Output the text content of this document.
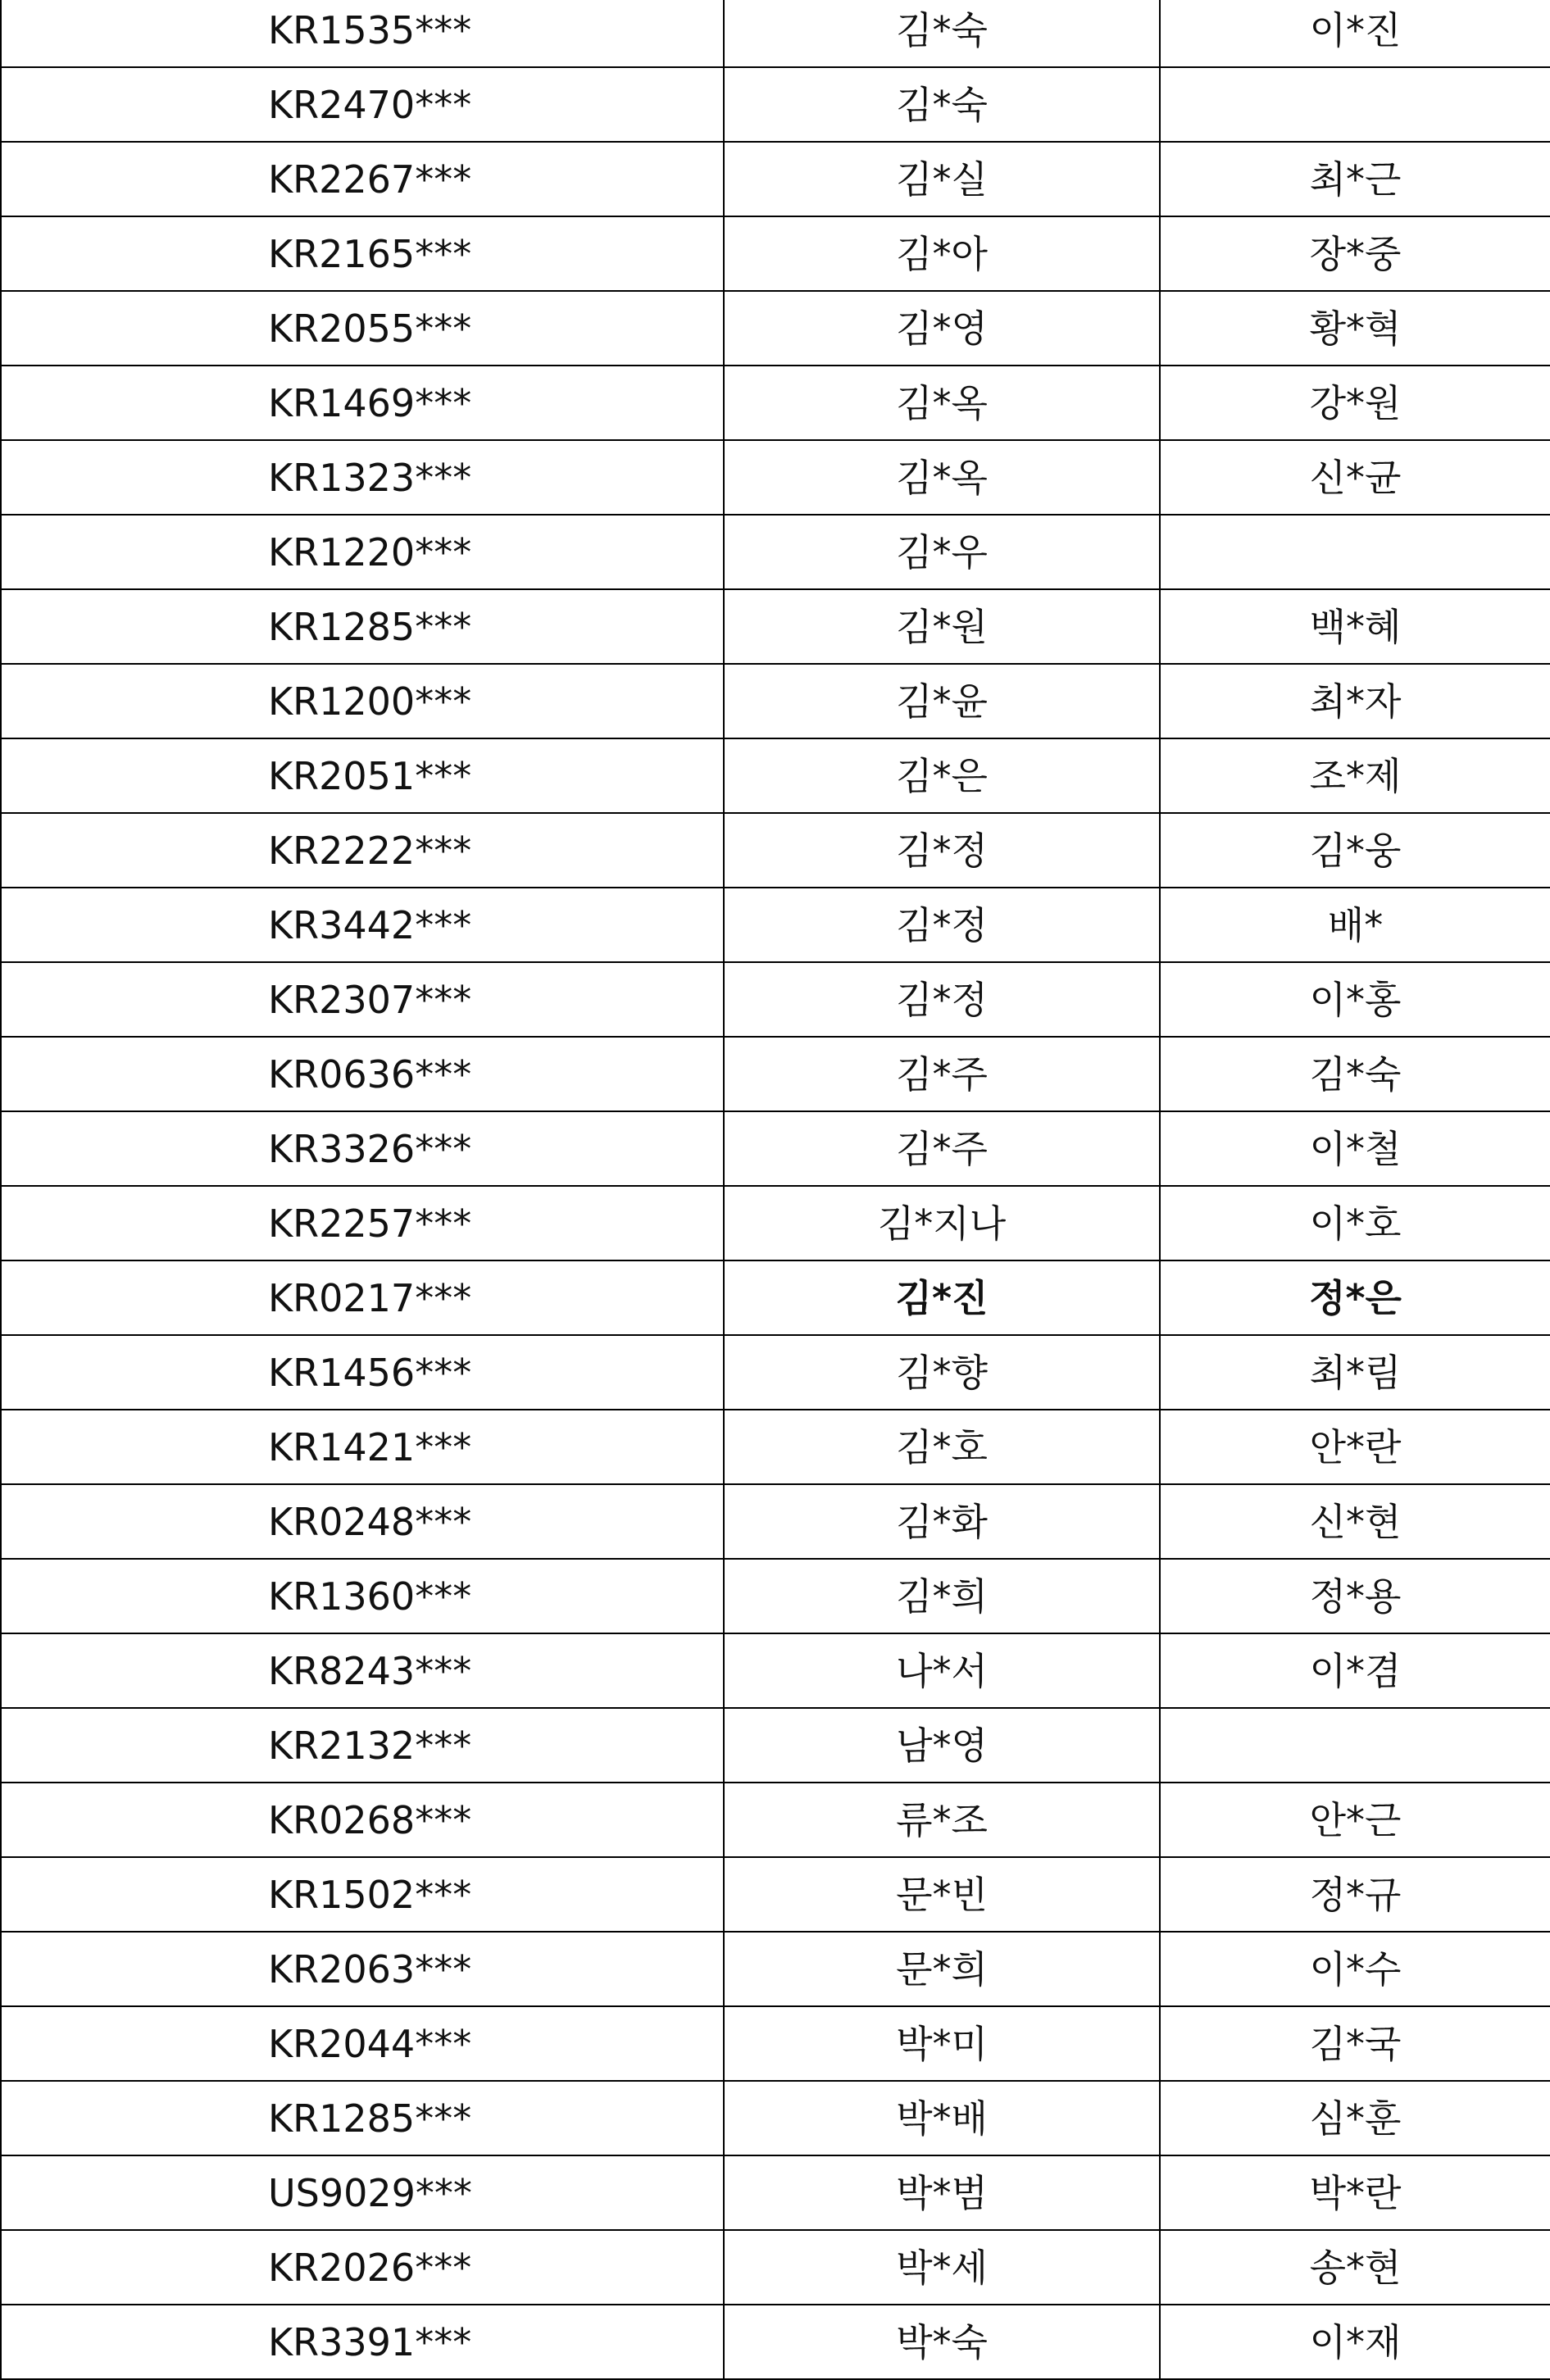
KR1535***	김*숙	이*진
KR2470***	김*숙	
KR2267***	김*실	최*근
KR2165***	김*아	장*중
KR2055***	김*영	황*혁
KR1469***	김*옥	강*원
KR1323***	김*옥	신*균
KR1220***	김*우	
KR1285***	김*원	백*혜
KR1200***	김*윤	최*자
KR2051***	김*은	조*제
KR2222***	김*정	김*웅
KR3442***	김*정	배*
KR2307***	김*정	이*홍
KR0636***	김*주	김*숙
KR3326***	김*주	이*철
KR2257***	김*지나	이*호
KR0217***	김*진	정*은
KR1456***	김*향	최*림
KR1421***	김*호	안*란
KR0248***	김*화	신*현
KR1360***	김*희	정*용
KR8243***	나*서	이*겸
KR2132***	남*영	
KR0268***	류*조	안*근
KR1502***	문*빈	정*규
KR2063***	문*희	이*수
KR2044***	박*미	김*국
KR1285***	박*배	심*훈
US9029***	박*범	박*란
KR2026***	박*세	송*현
KR3391***	박*숙	이*재
